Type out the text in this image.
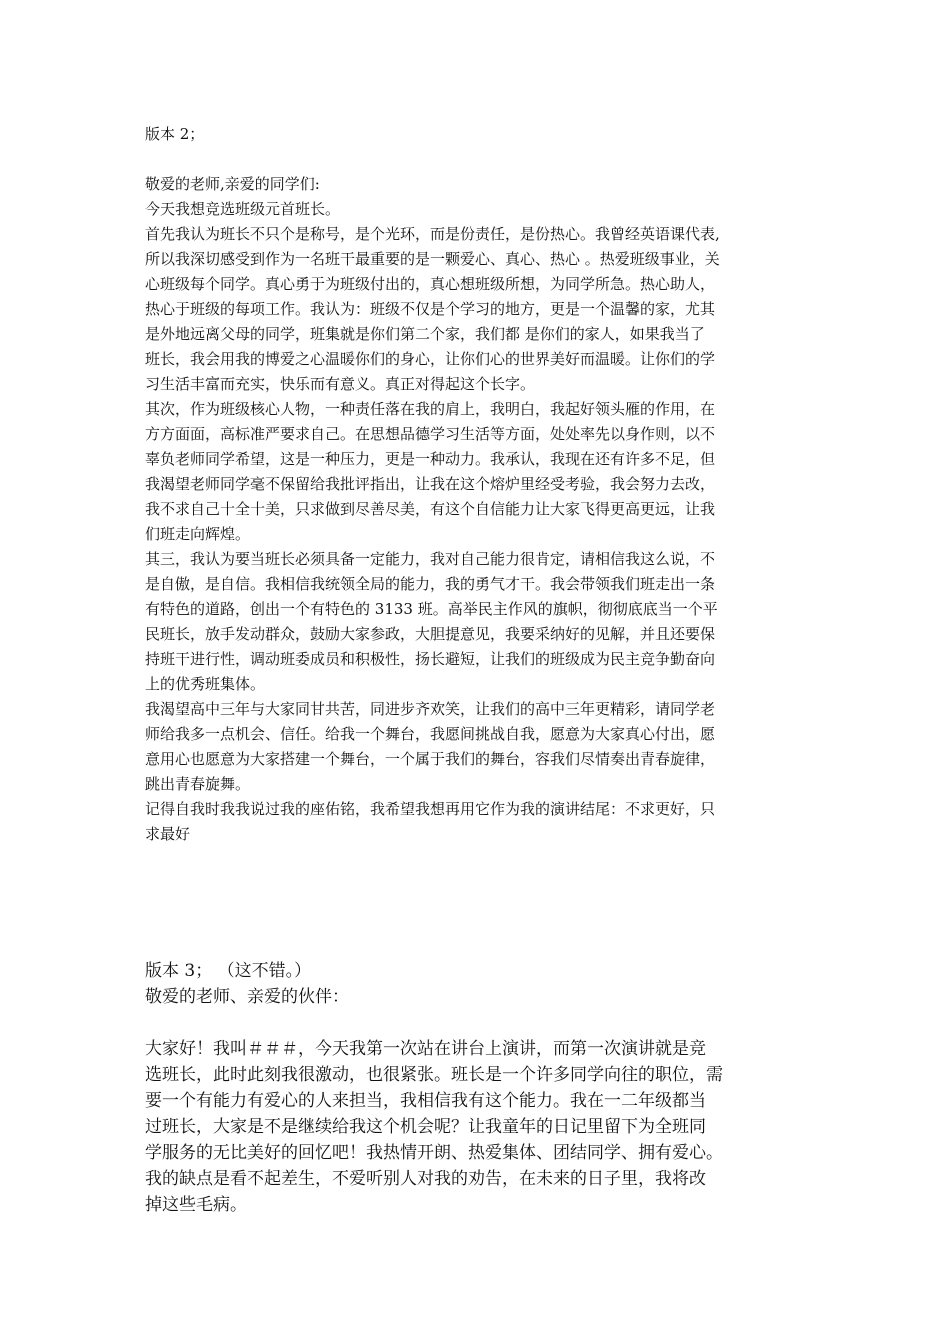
版本 2；

敬爱的老师,亲爱的同学们:

今天我想竞选班级元首班长。

首先我认为班长不只个是称号，是个光环，而是份责任，是份热心。我曾经英语课代表,

所以我深切感受到作为一名班干最重要的是一颗爱心、真心、热心 。热爱班级事业，关

心班级每个同学。真心勇于为班级付出的，真心想班级所想，为同学所急。热心助人，

热心于班级的每项工作。我认为：班级不仅是个学习的地方，更是一个温馨的家，尤其

是外地远离父母的同学，班集就是你们第二个家，我们都 是你们的家人，如果我当了

班长，我会用我的博爱之心温暖你们的身心，让你们心的世界美好而温暖。让你们的学

习生活丰富而充实，快乐而有意义。真正对得起这个长字。

其次，作为班级核心人物，一种责任落在我的肩上，我明白，我起好领头雁的作用，在

方方面面，高标准严要求自己。在思想品德学习生活等方面，处处率先以身作则，以不

辜负老师同学希望，这是一种压力，更是一种动力。我承认，我现在还有许多不足，但

我渴望老师同学毫不保留给我批评指出，让我在这个熔炉里经受考验，我会努力去改，

我不求自己十全十美，只求做到尽善尽美，有这个自信能力让大家飞得更高更远，让我

们班走向辉煌。

其三，我认为要当班长必须具备一定能力，我对自己能力很肯定，请相信我这么说，不

是自傲，是自信。我相信我统领全局的能力，我的勇气才干。我会带领我们班走出一条

有特色的道路，创出一个有特色的 3133 班。高举民主作风的旗帜，彻彻底底当一个平

民班长，放手发动群众，鼓励大家参政，大胆提意见，我要采纳好的见解，并且还要保

持班干进行性，调动班委成员和积极性，扬长避短，让我们的班级成为民主竞争勤奋向

上的优秀班集体。

我渴望高中三年与大家同甘共苦，同进步齐欢笑，让我们的高中三年更精彩，请同学老

师给我多一点机会、信任。给我一个舞台，我愿间挑战自我，愿意为大家真心付出，愿

意用心也愿意为大家搭建一个舞台，一个属于我们的舞台，容我们尽情奏出青春旋律，

跳出青春旋舞。

记得自我时我我说过我的座佑铭，我希望我想再用它作为我的演讲结尾：不求更好，只

求最好

版本 3； （这不错。）

敬爱的老师、亲爱的伙伴：

大家好！我叫＃＃＃，今天我第一次站在讲台上演讲，而第一次演讲就是竞

选班长，此时此刻我很激动，也很紧张。班长是一个许多同学向往的职位，需

要一个有能力有爱心的人来担当，我相信我有这个能力。我在一二年级都当

过班长，大家是不是继续给我这个机会呢？让我童年的日记里留下为全班同

学服务的无比美好的回忆吧！我热情开朗、热爱集体、团结同学、拥有爱心。

我的缺点是看不起差生，不爱听别人对我的劝告，在未来的日子里，我将改

掉这些毛病。
